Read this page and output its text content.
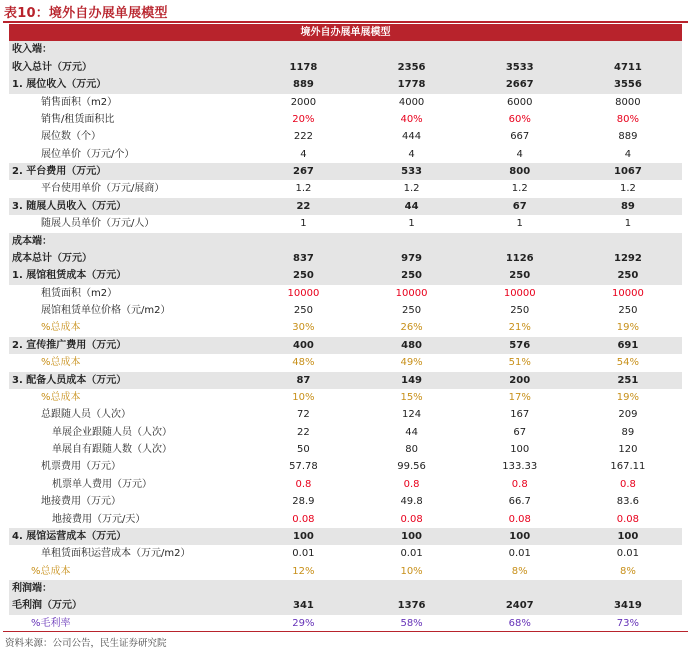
表10：境外自办展单展模型
境外自办展单展模型				
收入端：				
收入总计（万元）	1178	2356	3533	4711
1. 展位收入（万元）	889	1778	2667	3556
销售面积（m2）	2000	4000	6000	8000
销售/租赁面积比	20%	40%	60%	80%
展位数（个）	222	444	667	889
展位单价（万元/个）	4	4	4	4
2. 平台费用（万元）	267	533	800	1067
平台使用单价（万元/展商）	1.2	1.2	1.2	1.2
3. 随展人员收入（万元）	22	44	67	89
随展人员单价（万元/人）	1	1	1	1
成本端：				
成本总计（万元）	837	979	1126	1292
1. 展馆租赁成本（万元）	250	250	250	250
租赁面积（m2）	10000	10000	10000	10000
展馆租赁单位价格（元/m2）	250	250	250	250
%总成本	30%	26%	21%	19%
2. 宣传推广费用（万元）	400	480	576	691
%总成本	48%	49%	51%	54%
3. 配备人员成本（万元）	87	149	200	251
%总成本	10%	15%	17%	19%
总跟随人员（人次）	72	124	167	209
单展企业跟随人员（人次）	22	44	67	89
单展自有跟随人数（人次）	50	80	100	120
机票费用（万元）	57.78	99.56	133.33	167.11
机票单人费用（万元）	0.8	0.8	0.8	0.8
地接费用（万元）	28.9	49.8	66.7	83.6
地接费用（万元/天）	0.08	0.08	0.08	0.08
4. 展馆运营成本（万元）	100	100	100	100
单租赁面积运营成本（万元/m2）	0.01	0.01	0.01	0.01
%总成本	12%	10%	8%	8%
利润端：				
毛利润（万元）	341	1376	2407	3419
%毛利率	29%	58%	68%	73%
资料来源：公司公告，民生证券研究院
